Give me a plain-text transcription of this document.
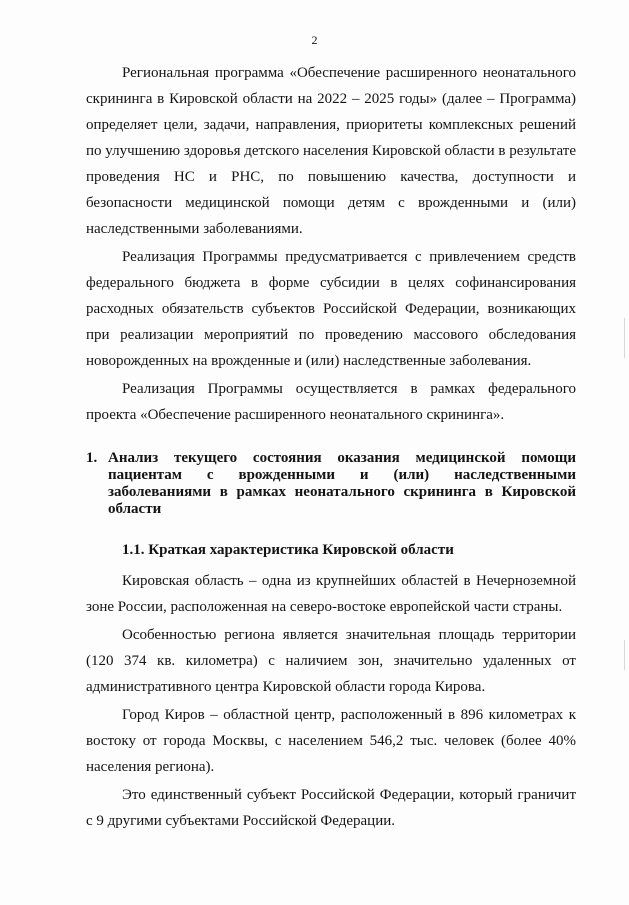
2

Региональная программа «Обеспечение расширенного неонатального скрининга в Кировской области на 2022 – 2025 годы» (далее – Программа) определяет цели, задачи, направления, приоритеты комплексных решений по улучшению здоровья детского населения Кировской области в результате проведения НС и РНС, по повышению качества, доступности и безопасности медицинской помощи детям с врожденными и (или) наследственными заболеваниями.

Реализация Программы предусматривается с привлечением средств федерального бюджета в форме субсидии в целях софинансирования расходных обязательств субъектов Российской Федерации, возникающих при реализации мероприятий по проведению массового обследования новорожденных на врожденные и (или) наследственные заболевания.

Реализация Программы осуществляется в рамках федерального проекта «Обеспечение расширенного неонатального скрининга».

1. Анализ текущего состояния оказания медицинской помощи пациентам с врожденными и (или) наследственными заболеваниями в рамках неонатального скрининга в Кировской области

1.1. Краткая характеристика Кировской области

Кировская область – одна из крупнейших областей в Нечерноземной зоне России, расположенная на северо-востоке европейской части страны.

Особенностью региона является значительная площадь территории (120 374 кв. километра) с наличием зон, значительно удаленных от административного центра Кировской области города Кирова.

Город Киров – областной центр, расположенный в 896 километрах к востоку от города Москвы, с населением 546,2 тыс. человек (более 40% населения региона).

Это единственный субъект Российской Федерации, который граничит с 9 другими субъектами Российской Федерации.
